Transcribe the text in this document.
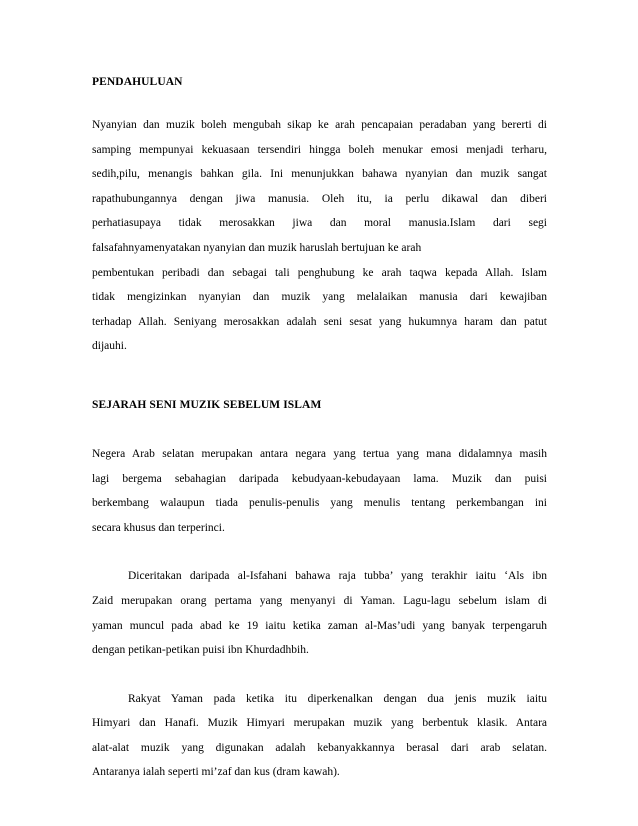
PENDAHULUAN
Nyanyian dan muzik boleh mengubah sikap ke arah pencapaian peradaban yang bererti di
samping mempunyai kekuasaan tersendiri hingga boleh menukar emosi menjadi terharu,
sedih,pilu, menangis bahkan gila. Ini menunjukkan bahawa nyanyian dan muzik sangat
rapathubungannya dengan jiwa manusia. Oleh itu, ia perlu dikawal dan diberi
perhatiasupaya tidak merosakkan jiwa dan moral manusia.Islam dari segi
falsafahnyamenyatakan nyanyian dan muzik haruslah bertujuan ke arah
pembentukan peribadi dan sebagai tali penghubung ke arah taqwa kepada Allah. Islam
tidak mengizinkan nyanyian dan muzik yang melalaikan manusia dari kewajiban
terhadap Allah. Seniyang merosakkan adalah seni sesat yang hukumnya haram dan patut
dijauhi.
SEJARAH SENI MUZIK SEBELUM ISLAM
Negera Arab selatan merupakan antara negara yang tertua yang mana didalamnya masih
lagi bergema sebahagian daripada kebudyaan-kebudayaan lama. Muzik dan puisi
berkembang walaupun tiada penulis-penulis yang menulis tentang perkembangan ini
secara khusus dan terperinci.
Diceritakan daripada al-Isfahani bahawa raja tubba’ yang terakhir iaitu ‘Als ibn
Zaid merupakan orang pertama yang menyanyi di Yaman. Lagu-lagu sebelum islam di
yaman muncul pada abad ke 19 iaitu ketika zaman al-Mas’udi yang banyak terpengaruh
dengan petikan-petikan puisi ibn Khurdadhbih.
Rakyat Yaman pada ketika itu diperkenalkan dengan dua jenis muzik iaitu
Himyari dan Hanafi. Muzik Himyari merupakan muzik yang berbentuk klasik. Antara
alat-alat muzik yang digunakan adalah kebanyakkannya berasal dari arab selatan.
Antaranya ialah seperti mi’zaf dan kus (dram kawah).
